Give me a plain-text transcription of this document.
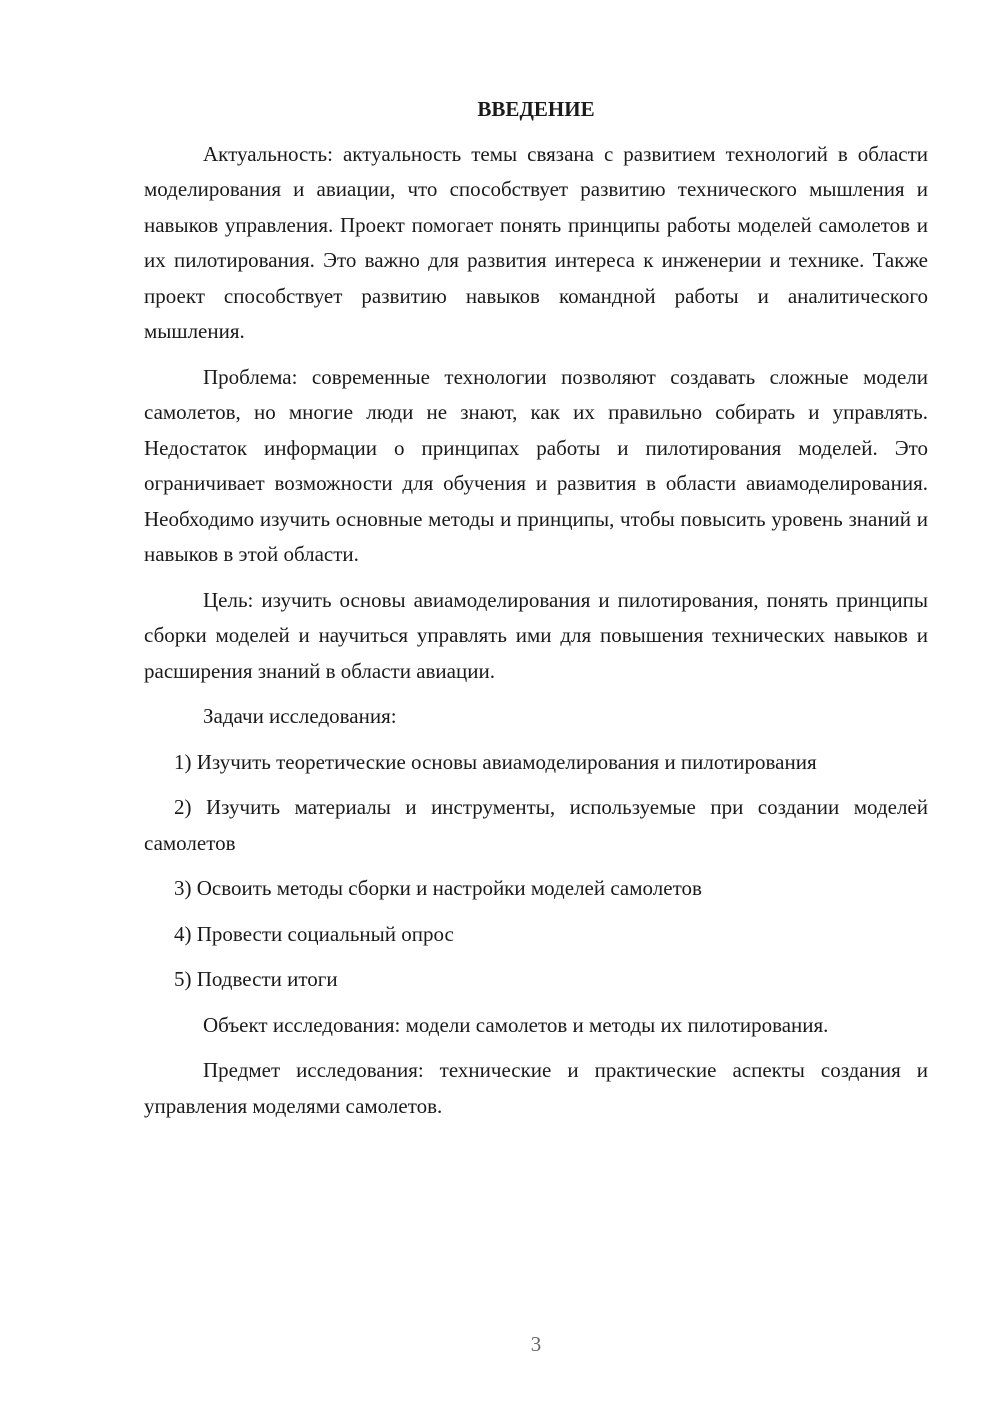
ВВЕДЕНИЕ

Актуальность: актуальность темы связана с развитием технологий в области моделирования и авиации, что способствует развитию технического мышления и навыков управления. Проект помогает понять принципы работы моделей самолетов и их пилотирования. Это важно для развития интереса к инженерии и технике. Также проект способствует развитию навыков командной работы и аналитического мышления.

Проблема: современные технологии позволяют создавать сложные модели самолетов, но многие люди не знают, как их правильно собирать и управлять. Недостаток информации о принципах работы и пилотирования моделей. Это ограничивает возможности для обучения и развития в области авиамоделирования. Необходимо изучить основные методы и принципы, чтобы повысить уровень знаний и навыков в этой области.

Цель: изучить основы авиамоделирования и пилотирования, понять принципы сборки моделей и научиться управлять ими для повышения технических навыков и расширения знаний в области авиации.

Задачи исследования:

1) Изучить теоретические основы авиамоделирования и пилотирования

2) Изучить материалы и инструменты, используемые при создании моделей самолетов

3) Освоить методы сборки и настройки моделей самолетов

4) Провести социальный опрос

5) Подвести итоги

Объект исследования: модели самолетов и методы их пилотирования.

Предмет исследования: технические и практические аспекты создания и управления моделями самолетов.

3
